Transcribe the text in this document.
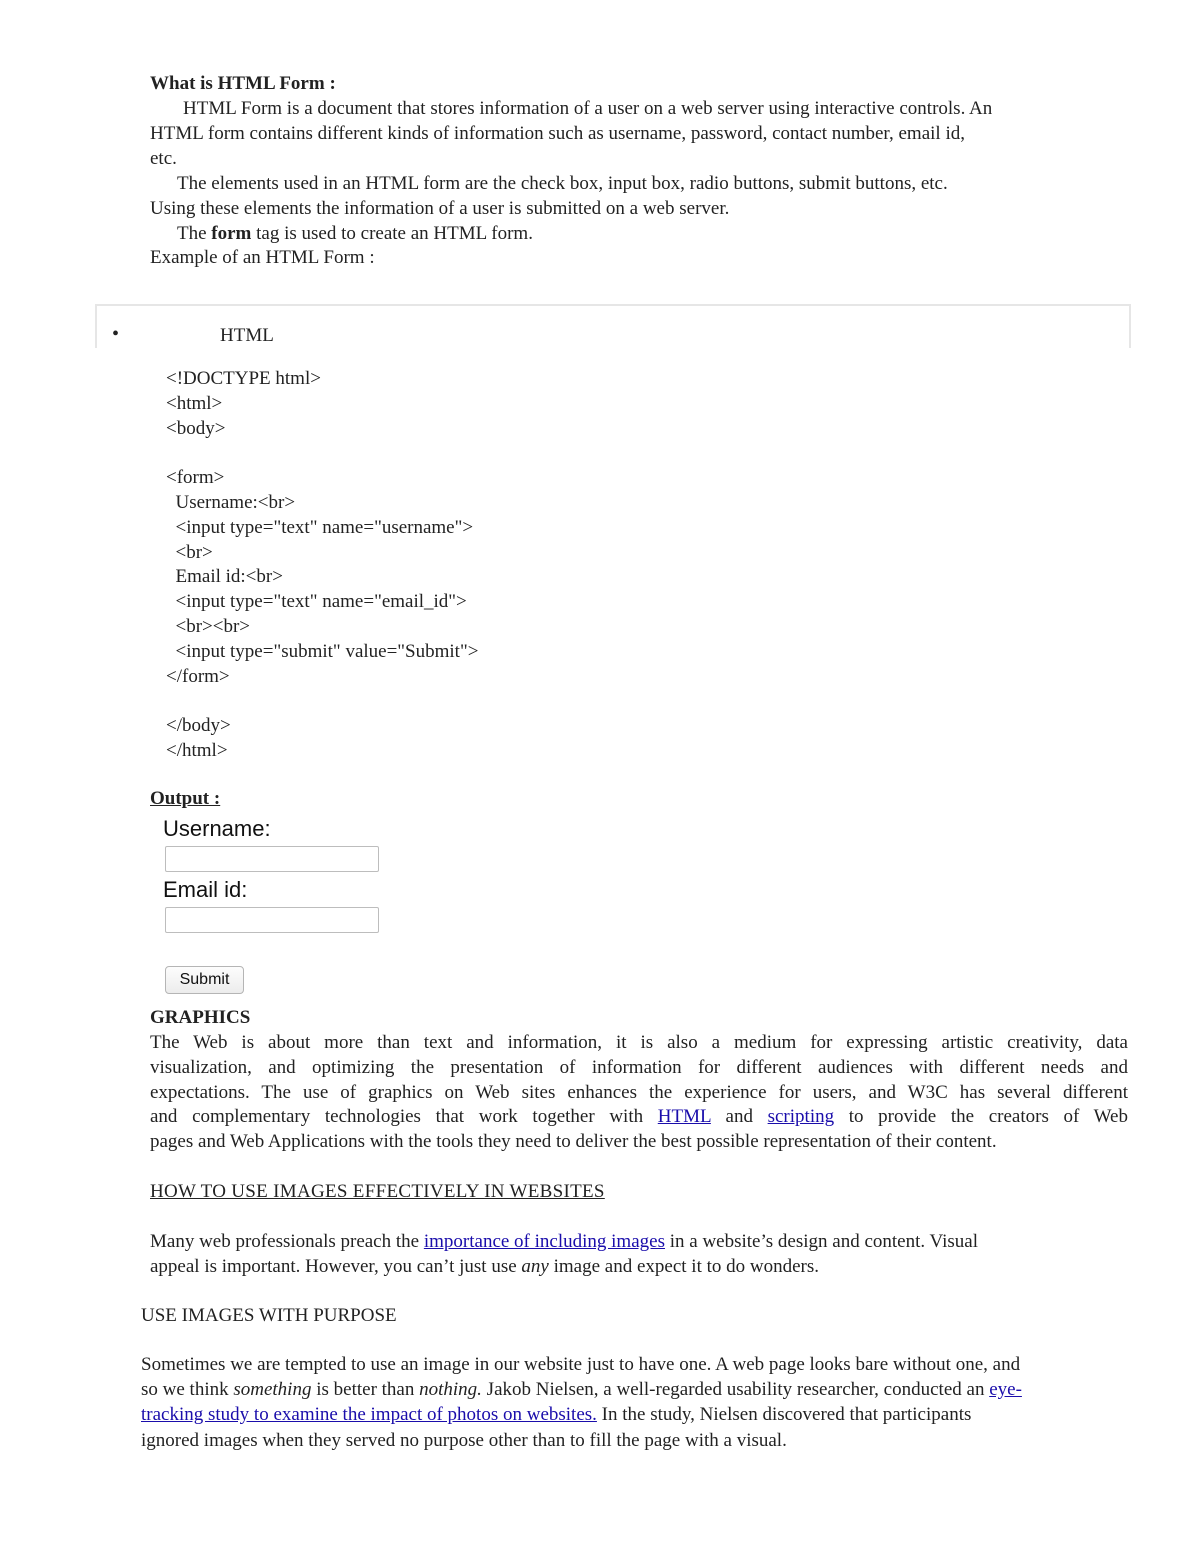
What is HTML Form :
HTML Form is a document that stores information of a user on a web server using interactive controls. An
HTML form contains different kinds of information such as username, password, contact number, email id,
etc.
The elements used in an HTML form are the check box, input box, radio buttons, submit buttons, etc.
Using these elements the information of a user is submitted on a web server.
The form tag is used to create an HTML form.
Example of an HTML Form :
•	HTML
<!DOCTYPE html>
<html>
<body>

<form>
Username:<br>
<input type="text" name="username">
<br>
Email id:<br>
<input type="text" name="email_id">
<br><br>
<input type="submit" value="Submit">
</form>

</body>
</html>
Output :
Username:
Email id:
Submit
GRAPHICS
The Web is about more than text and information, it is also a medium for expressing artistic creativity, data
visualization, and optimizing the presentation of information for different audiences with different needs and
expectations. The use of graphics on Web sites enhances the experience for users, and W3C has several different
and complementary technologies that work together with HTML and scripting to provide the creators of Web
pages and Web Applications with the tools they need to deliver the best possible representation of their content.
HOW TO USE IMAGES EFFECTIVELY IN WEBSITES
Many web professionals preach the importance of including images in a website’s design and content. Visual
appeal is important. However, you can’t just use any image and expect it to do wonders.
USE IMAGES WITH PURPOSE
Sometimes we are tempted to use an image in our website just to have one. A web page looks bare without one, and
so we think something is better than nothing. Jakob Nielsen, a well-regarded usability researcher, conducted an eye-
tracking study to examine the impact of photos on websites. In the study, Nielsen discovered that participants
ignored images when they served no purpose other than to fill the page with a visual.
